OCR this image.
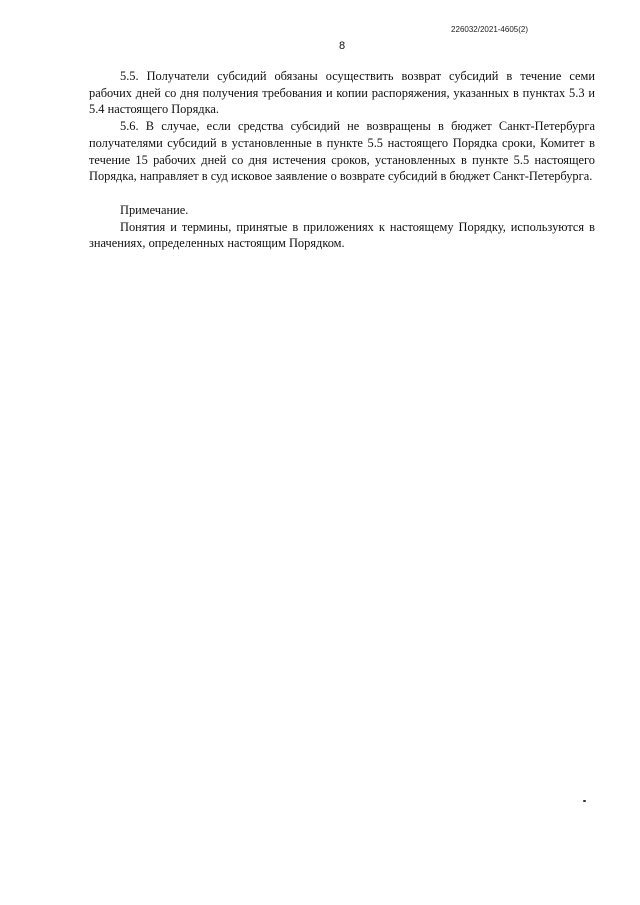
226032/2021-4605(2)
8

5.5. Получатели субсидий обязаны осуществить возврат субсидий в течение семи рабочих дней со дня получения требования и копии распоряжения, указанных в пунктах 5.3 и 5.4 настоящего Порядка.

5.6. В случае, если средства субсидий не возвращены в бюджет Санкт-Петербурга получателями субсидий в установленные в пункте 5.5 настоящего Порядка сроки, Комитет в течение 15 рабочих дней со дня истечения сроков, установленных в пункте 5.5 настоящего Порядка, направляет в суд исковое заявление о возврате субсидий в бюджет Санкт-Петербурга.

Примечание.

Понятия и термины, принятые в приложениях к настоящему Порядку, используются в значениях, определенных настоящим Порядком.
